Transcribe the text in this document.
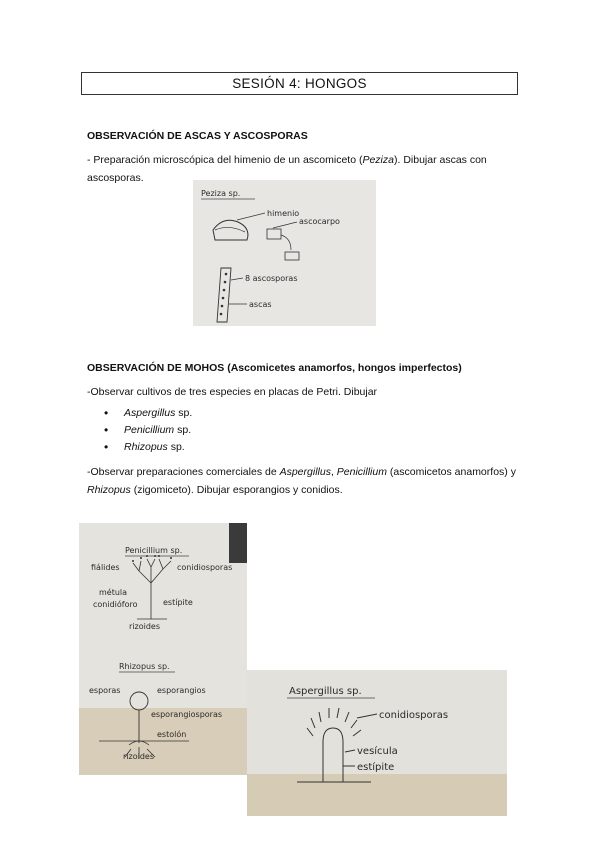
SESIÓN 4: HONGOS
OBSERVACIÓN DE ASCAS Y ASCOSPORAS
- Preparación microscópica del himenio de un ascomiceto (Peziza). Dibujar ascas con ascosporas.
Peziza sp.
himenio
ascocarpo
8 ascosporas
ascas
OBSERVACIÓN DE MOHOS (Ascomicetes anamorfos, hongos imperfectos)
-Observar cultivos de tres especies en placas de Petri. Dibujar
• Aspergillus sp.
• Penicillium sp.
• Rhizopus sp.
-Observar preparaciones comerciales de Aspergillus, Penicillium (ascomicetos anamorfos) y Rhizopus (zigomiceto). Dibujar esporangios y conidios.
Penicillium sp.
fiálides	conidiosporas
métula
conidióforo	estípite
rizoides
Rhizopus sp.
esporas	esporangios
esporangiosporas
estolón
rizoides
Aspergillus sp.
conidiosporas
vesícula
estípite
